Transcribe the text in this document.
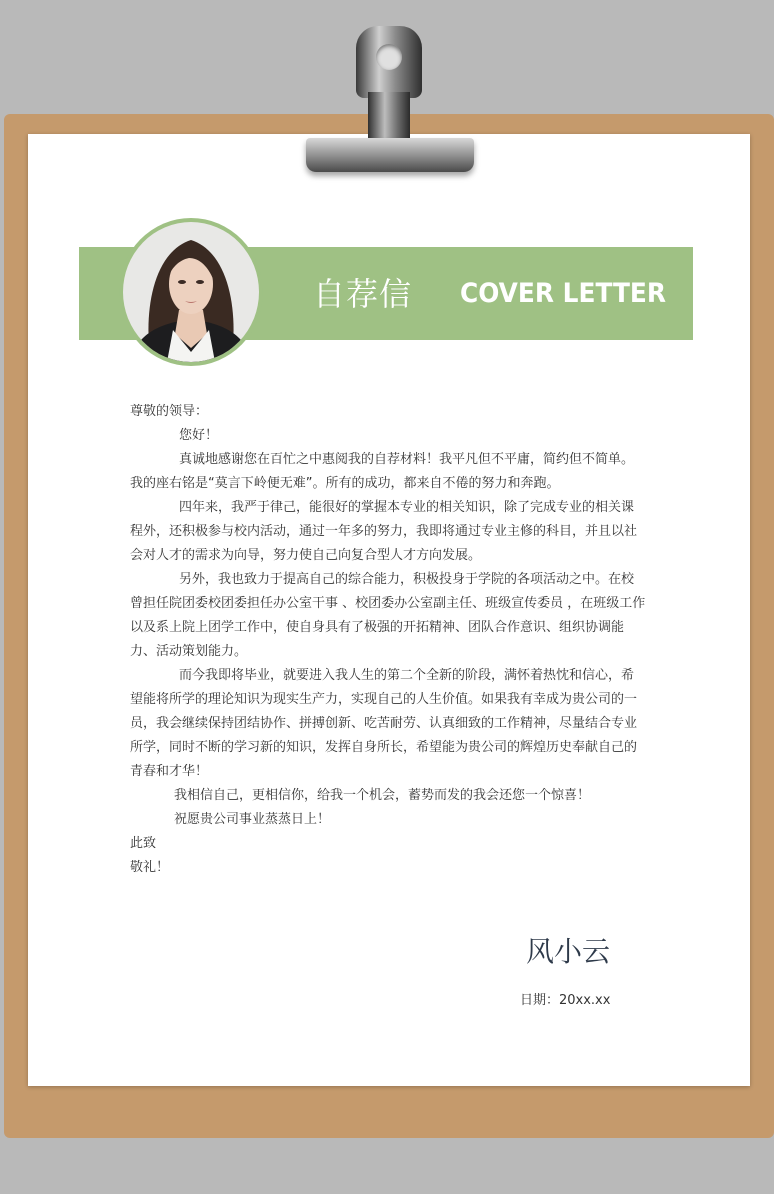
自荐信	COVER LETTER

尊敬的领导：

您好！

真诚地感谢您在百忙之中惠阅我的自荐材料！我平凡但不平庸，简约但不简单。我的座右铭是“莫言下岭便无难”。所有的成功，都来自不倦的努力和奔跑。

四年来，我严于律己，能很好的掌握本专业的相关知识，除了完成专业的相关课程外，还积极参与校内活动，通过一年多的努力，我即将通过专业主修的科目，并且以社会对人才的需求为向导，努力使自己向复合型人才方向发展。

另外，我也致力于提高自己的综合能力，积极投身于学院的各项活动之中。在校曾担任院团委校团委担任办公室干事 、校团委办公室副主任、班级宣传委员 ，在班级工作以及系上院上团学工作中，使自身具有了极强的开拓精神、团队合作意识、组织协调能力、活动策划能力。

而今我即将毕业，就要进入我人生的第二个全新的阶段，满怀着热忱和信心，希望能将所学的理论知识为现实生产力，实现自己的人生价值。如果我有幸成为贵公司的一员，我会继续保持团结协作、拼搏创新、吃苦耐劳、认真细致的工作精神，尽量结合专业所学，同时不断的学习新的知识，发挥自身所长，希望能为贵公司的辉煌历史奉献自己的青春和才华！

我相信自己，更相信你，给我一个机会，蓄势而发的我会还您一个惊喜！

祝愿贵公司事业蒸蒸日上！

此致

敬礼！

风小云
日期：20xx.xx
